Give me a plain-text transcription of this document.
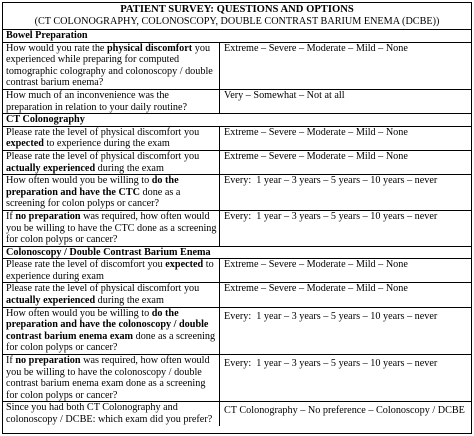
PATIENT SURVEY: QUESTIONS AND OPTIONS
(CT COLONOGRAPHY, COLONOSCOPY, DOUBLE CONTRAST BARIUM ENEMA (DCBE))
Bowel Preparation
How would you rate the physical discomfort you experienced while preparing for computed tomographic colography and colonoscopy / double contrast barium enema?
Extreme – Severe – Moderate – Mild – None
How much of an inconvenience was the preparation in relation to your daily routine?
Very – Somewhat – Not at all
CT Colonography
Please rate the level of physical discomfort you expected to experience during the exam
Extreme – Severe – Moderate – Mild – None
Please rate the level of physical discomfort you actually experienced during the exam
Extreme – Severe – Moderate – Mild – None
How often would you be willing to do the preparation and have the CTC done as a screening for colon polyps or cancer?
Every:  1 year – 3 years – 5 years – 10 years – never
If no preparation was required, how often would you be willing to have the CTC done as a screening for colon polyps or cancer?
Every:  1 year – 3 years – 5 years – 10 years – never
Colonoscopy / Double Contrast Barium Enema
Please rate the level of discomfort you expected to experience during exam
Extreme – Severe – Moderate – Mild – None
Please rate the level of physical discomfort you actually experienced during the exam
Extreme – Severe – Moderate – Mild – None
How often would you be willing to do the preparation and have the colonoscopy / double contrast barium enema exam done as a screening for colon polyps or cancer?
Every:  1 year – 3 years – 5 years – 10 years – never
If no preparation was required, how often would you be willing to have the colonoscopy / double contrast barium enema exam done as a screening for colon polyps or cancer?
Every:  1 year – 3 years – 5 years – 10 years – never
Since you had both CT Colonography and colonoscopy / DCBE: which exam did you prefer?
CT Colonography – No preference – Colonoscopy / DCBE
